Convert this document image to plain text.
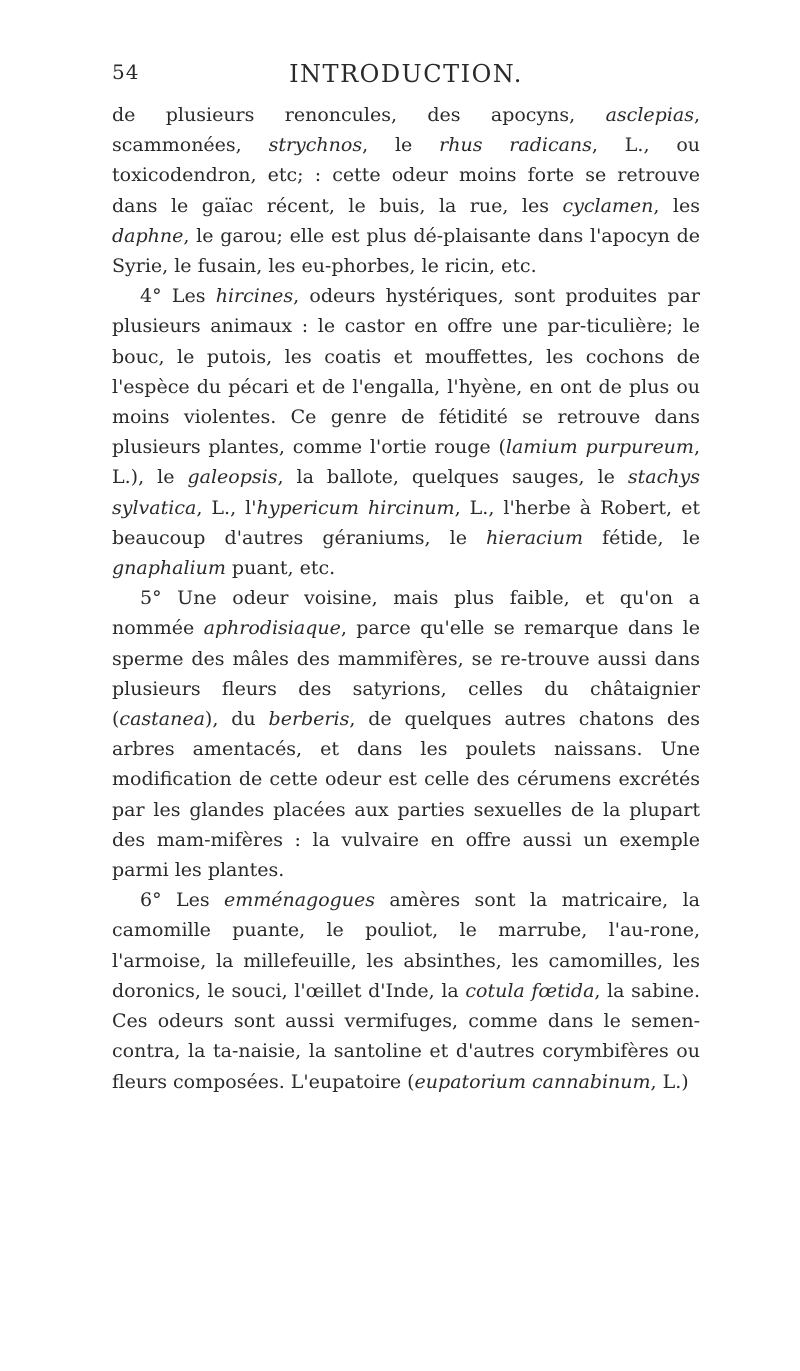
54	INTRODUCTION.

de plusieurs renoncules, des apocyns, asclepias, scammonées, strychnos, le rhus radicans, L., ou toxicodendron, etc; : cette odeur moins forte se retrouve dans le gaïac récent, le buis, la rue, les cyclamen, les daphne, le garou; elle est plus dé-plaisante dans l'apocyn de Syrie, le fusain, les eu-phorbes, le ricin, etc.

4° Les hircines, odeurs hystériques, sont produites par plusieurs animaux : le castor en offre une par-ticulière; le bouc, le putois, les coatis et mouffettes, les cochons de l'espèce du pécari et de l'engalla, l'hyène, en ont de plus ou moins violentes. Ce genre de fétidité se retrouve dans plusieurs plantes, comme l'ortie rouge (lamium purpureum, L.), le galeopsis, la ballote, quelques sauges, le stachys sylvatica, L., l'hypericum hircinum, L., l'herbe à Robert, et beaucoup d'autres géraniums, le hieracium fétide, le gnaphalium puant, etc.

5° Une odeur voisine, mais plus faible, et qu'on a nommée aphrodisiaque, parce qu'elle se remarque dans le sperme des mâles des mammifères, se re-trouve aussi dans plusieurs fleurs des satyrions, celles du châtaignier (castanea), du berberis, de quelques autres chatons des arbres amentacés, et dans les poulets naissans. Une modification de cette odeur est celle des cérumens excrétés par les glandes placées aux parties sexuelles de la plupart des mam-mifères : la vulvaire en offre aussi un exemple parmi les plantes.

6° Les emménagogues amères sont la matricaire, la camomille puante, le pouliot, le marrube, l'au-rone, l'armoise, la millefeuille, les absinthes, les camomilles, les doronics, le souci, l'œillet d'Inde, la cotula fœtida, la sabine. Ces odeurs sont aussi vermifuges, comme dans le semen-contra, la ta-naisie, la santoline et d'autres corymbifères ou fleurs composées. L'eupatoire (eupatorium cannabinum, L.)
